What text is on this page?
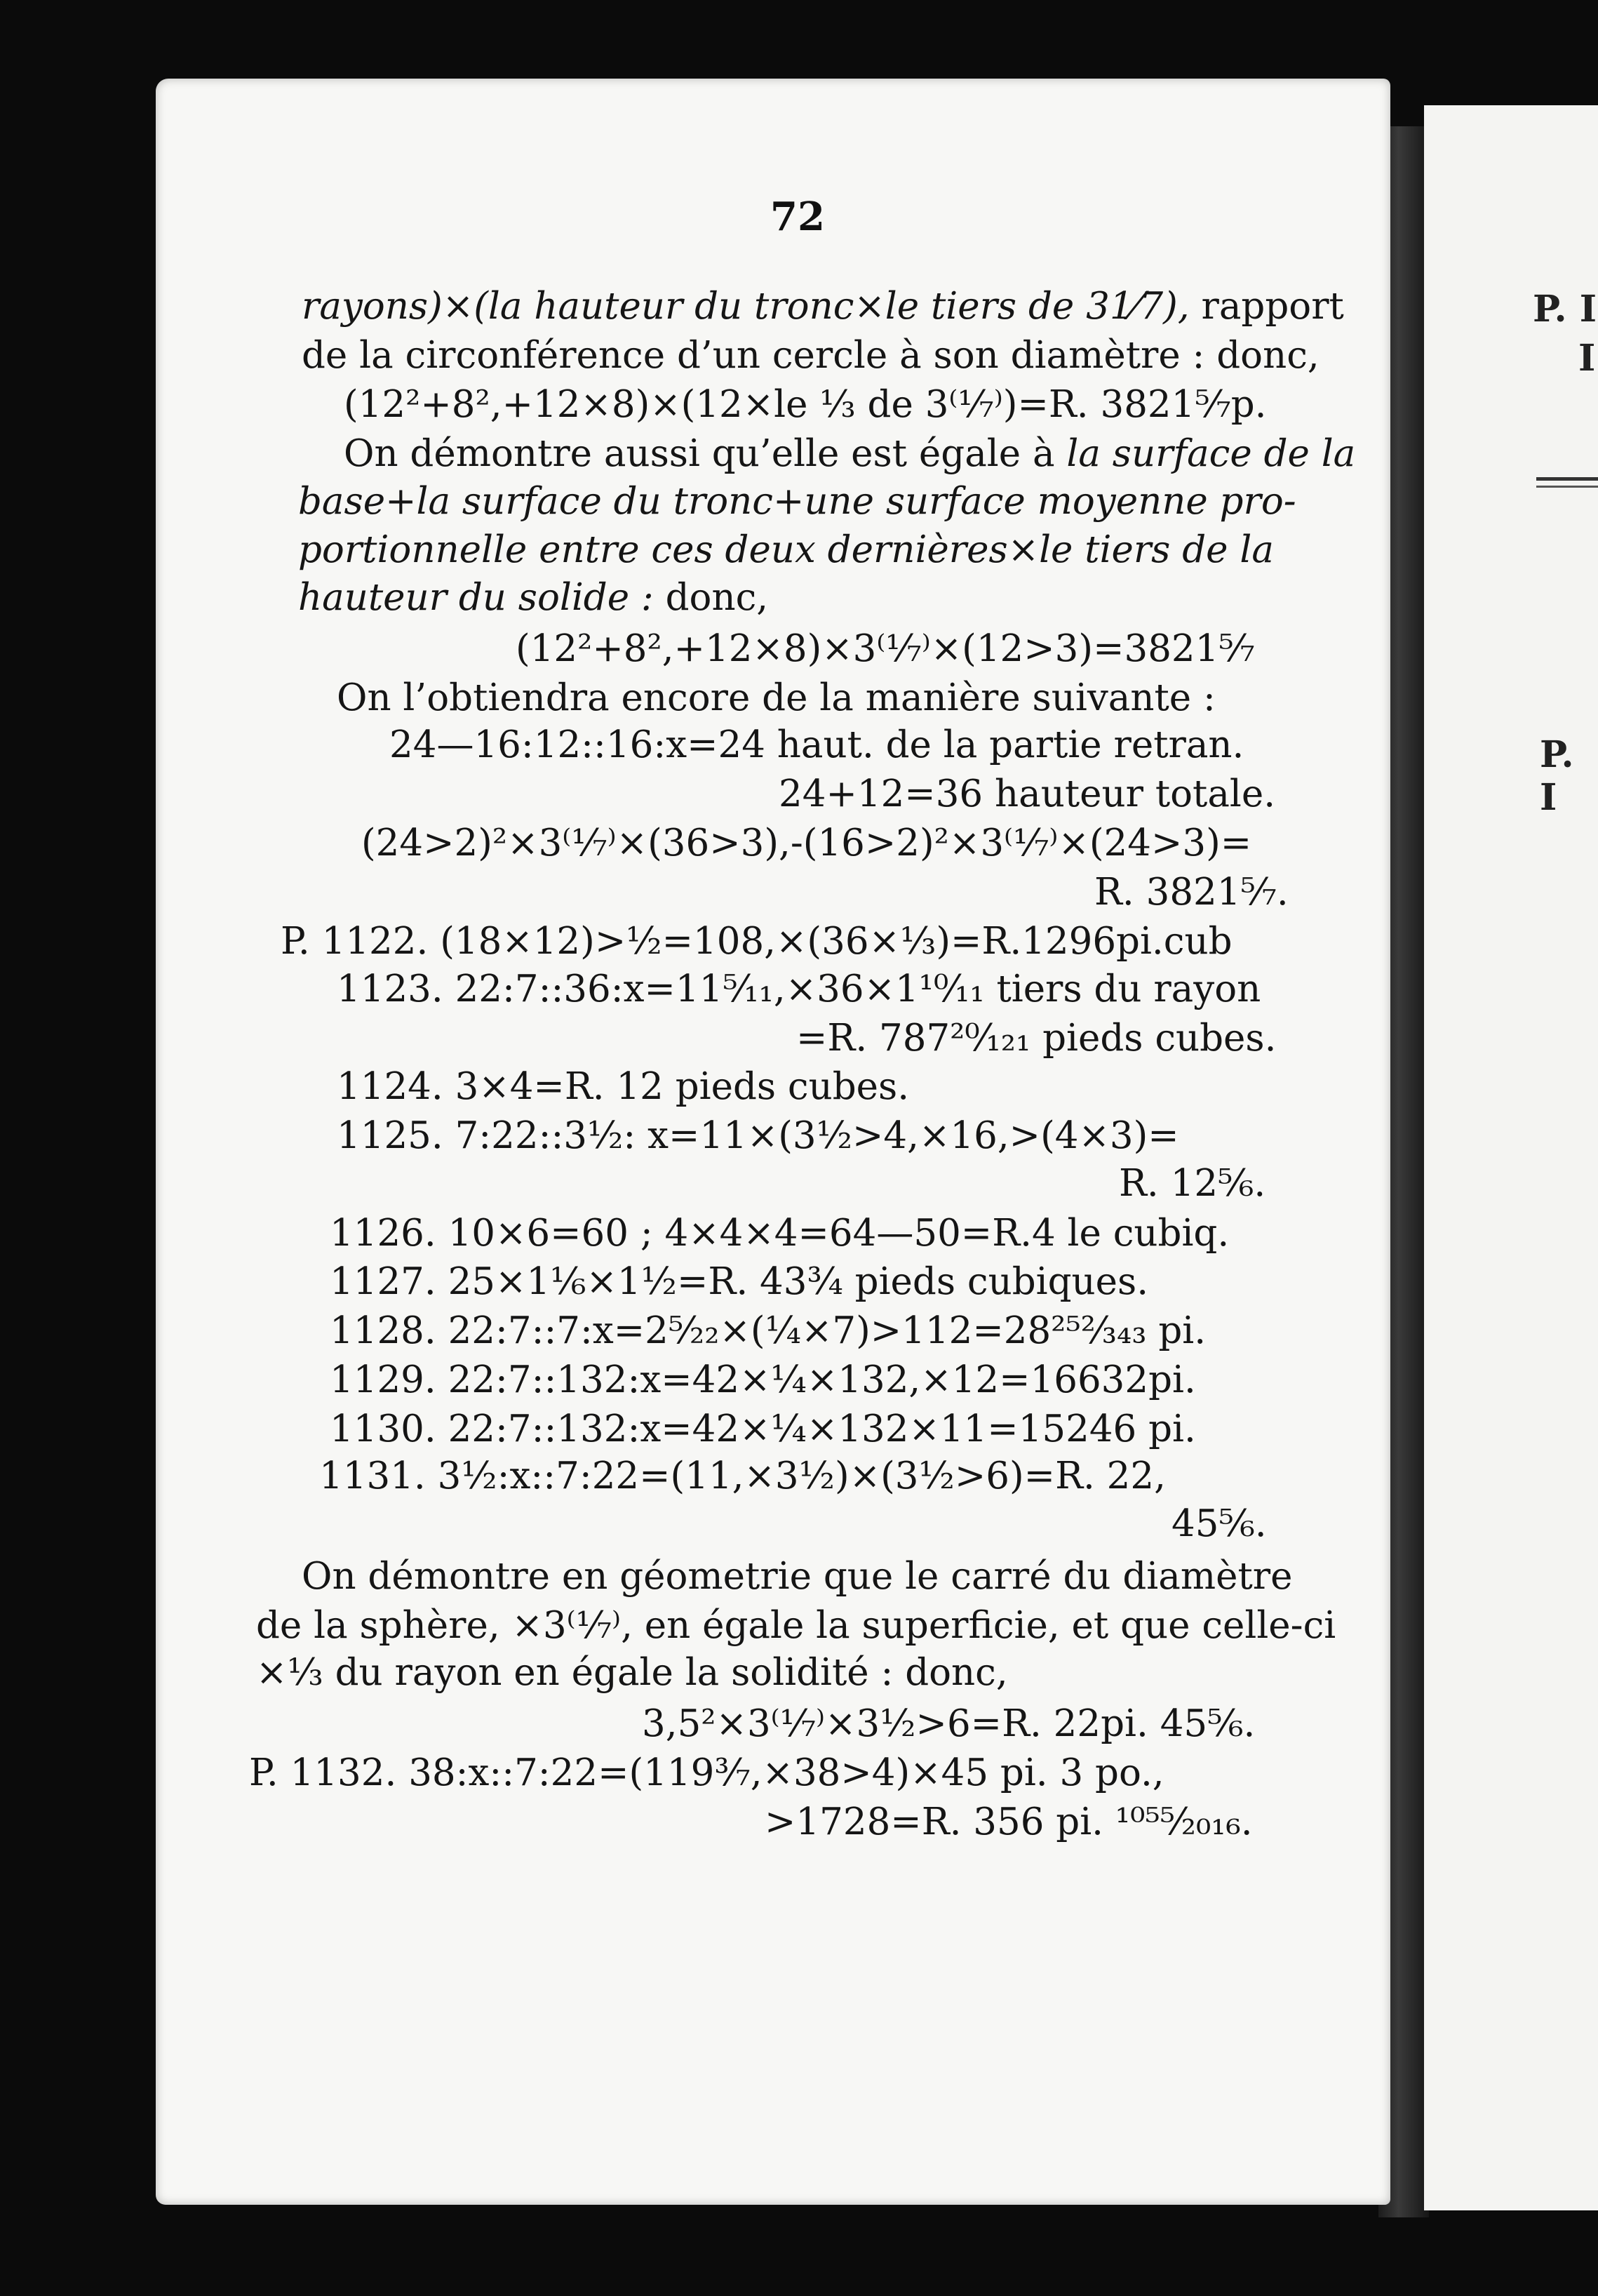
P. I
I
P. I
72
rayons)×(la hauteur du tronc×le tiers de 31⁄7), rapport
de la circonférence d’un cercle à son diamètre : donc,
(12²+8²,+12×8)×(12×le ⅓ de 3⁽¹⁄₇⁾)=R. 3821⁵⁄₇p.
On démontre aussi qu’elle est égale à la surface de la
base+la surface du tronc+une surface moyenne pro-
portionnelle entre ces deux dernières×le tiers de la
hauteur du solide : donc,
(12²+8²,+12×8)×3⁽¹⁄₇⁾×(12>3)=3821⁵⁄₇
On l’obtiendra encore de la manière suivante :
24—16:12::16:x=24 haut. de la partie retran.
24+12=36 hauteur totale.
(24>2)²×3⁽¹⁄₇⁾×(36>3),-(16>2)²×3⁽¹⁄₇⁾×(24>3)=
R. 3821⁵⁄₇.
P. 1122. (18×12)>½=108,×(36×⅓)=R.1296pi.cub
1123. 22:7::36:x=11⁵⁄₁₁,×36×1¹⁰⁄₁₁ tiers du rayon
=R. 787²⁰⁄₁₂₁ pieds cubes.
1124. 3×4=R. 12 pieds cubes.
1125. 7:22::3½: x=11×(3½>4,×16,>(4×3)=
R. 12⅚.
1126. 10×6=60 ; 4×4×4=64—50=R.4 le cubiq.
1127. 25×1⅙×1½=R. 43¾ pieds cubiques.
1128. 22:7::7:x=2⁵⁄₂₂×(¼×7)>112=28²⁵²⁄₃₄₃ pi.
1129. 22:7::132:x=42×¼×132,×12=16632pi.
1130. 22:7::132:x=42×¼×132×11=15246 pi.
1131. 3½:x::7:22=(11,×3½)×(3½>6)=R. 22,
45⅚.
On démontre en géometrie que le carré du diamètre
de la sphère, ×3⁽¹⁄₇⁾, en égale la superficie, et que celle-ci
×⅓ du rayon en égale la solidité : donc,
3,5²×3⁽¹⁄₇⁾×3½>6=R. 22pi. 45⅚.
P. 1132. 38:x::7:22=(119³⁄₇,×38>4)×45 pi. 3 po.,
>1728=R. 356 pi. ¹⁰⁵⁵⁄₂₀₁₆.
